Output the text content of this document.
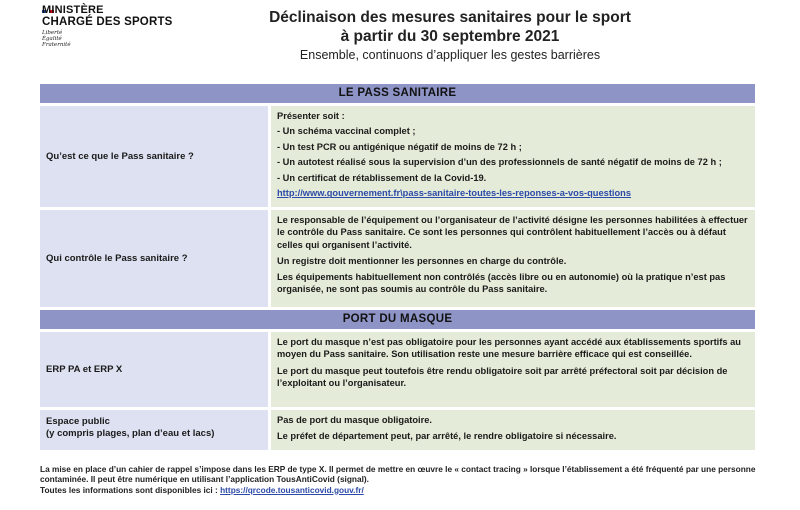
MINISTÈRE
CHARGÉ DES SPORTS
Liberté
Égalité
Fraternité
Déclinaison des mesures sanitaires pour le sport
à partir du 30 septembre 2021
Ensemble, continuons d’appliquer les gestes barrières
LE PASS SANITAIRE
Qu’est ce que le Pass sanitaire ?
Présenter soit :
- Un schéma vaccinal complet ;
- Un test PCR ou antigénique négatif de moins de 72 h ;
- Un autotest réalisé sous la supervision d’un des professionnels de santé négatif de moins de 72 h ;
- Un certificat de rétablissement de la Covid-19.
http://www.gouvernement.fr\pass-sanitaire-toutes-les-reponses-a-vos-questions
Qui contrôle le Pass sanitaire ?

Le responsable de l’équipement ou l’organisateur de l’activité désigne les personnes habilitées à effectuer le contrôle du Pass sanitaire. Ce sont les personnes qui contrôlent habituellement l’accès ou à défaut celles qui organisent l’activité.

Un registre doit mentionner les personnes en charge du contrôle.

Les équipements habituellement non contrôlés (accès libre ou en autonomie) où la pratique n’est pas organisée, ne sont pas soumis au contrôle du Pass sanitaire.

PORT DU MASQUE
ERP PA et ERP X

Le port du masque n’est pas obligatoire pour les personnes ayant accédé aux établissements sportifs au moyen du Pass sanitaire. Son utilisation reste une mesure barrière efficace qui est conseillée.

Le port du masque peut toutefois être rendu obligatoire soit par arrêté préfectoral soit par décision de l’exploitant ou l’organisateur.

Espace public
(y compris plages, plan d’eau et lacs)

Pas de port du masque obligatoire.

Le préfet de département peut, par arrêté, le rendre obligatoire si nécessaire.

La mise en place d’un cahier de rappel s’impose dans les ERP de type X. Il permet de mettre en œuvre le « contact tracing » lorsque l’établissement a été fréquenté par une personne contaminée. Il peut être numérique en utilisant l’application TousAntiCovid (signal).
Toutes les informations sont disponibles ici : https://qrcode.tousanticovid.gouv.fr/
